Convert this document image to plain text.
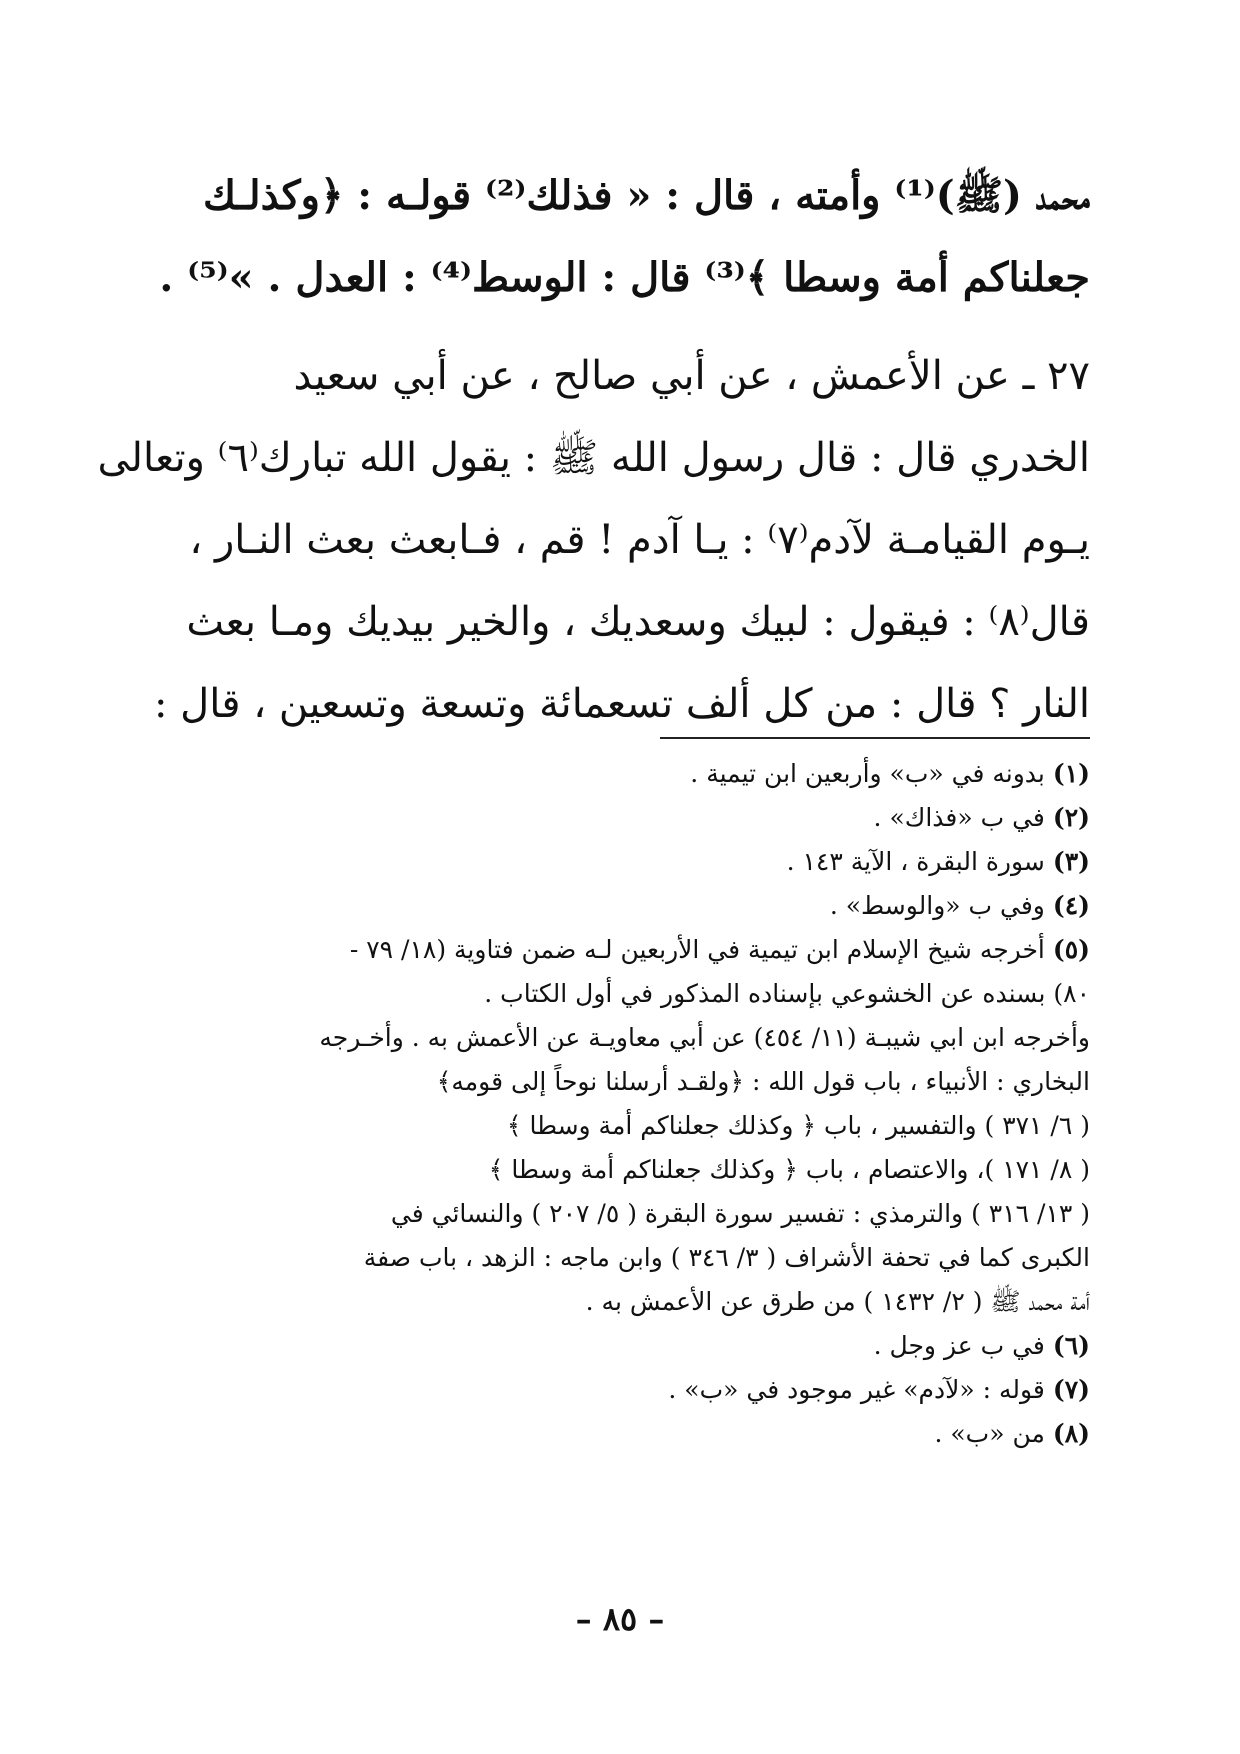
محمد (ﷺ)⁽¹⁾ وأمته ، قال : « فذلك⁽²⁾ قولـه : ﴿وكذلـك
جعلناكم أمة وسطا ﴾⁽³⁾ قال : الوسط⁽⁴⁾ : العدل . »⁽⁵⁾ .
٢٧ ـ عن الأعمش ، عن أبي صالح ، عن أبي سعيد
الخدري قال : قال رسول الله ﷺ : يقول الله تبارك⁽٦⁾ وتعالى
يـوم القيامـة لآدم⁽٧⁾ : يـا آدم ! قم ، فـابعث بعث النـار ،
قال⁽٨⁾ : فيقول : لبيك وسعديك ، والخير بيديك ومـا بعث
النار ؟ قال : من كل ألف تسعمائة وتسعة وتسعين ، قال :
(١)بدونه في «ب» وأربعين ابن تيمية .
(٢)في ب «فذاك» .
(٣)سورة البقرة ، الآية ١٤٣ .
(٤)وفي ب «والوسط» .
(٥)أخرجه شيخ الإسلام ابن تيمية في الأربعين لـه ضمن فتاوية (١٨/ ٧٩ -
٨٠) بسنده عن الخشوعي بإسناده المذكور في أول الكتاب .
وأخرجه ابن ابي شيبـة (١١/ ٤٥٤) عن أبي معاويـة عن الأعمش به . وأخـرجه
البخاري : الأنبياء ، باب قول الله : ﴿ولقـد أرسلنا نوحاً إلى قومه﴾
( ٦/ ٣٧١ ) والتفسير ، باب ﴿ وكذلك جعلناكم أمة وسطا ﴾
( ٨/ ١٧١ )، والاعتصام ، باب ﴿ وكذلك جعلناكم أمة وسطا ﴾
( ١٣/ ٣١٦ ) والترمذي : تفسير سورة البقرة ( ٥/ ٢٠٧ ) والنسائي في
الكبرى كما في تحفة الأشراف ( ٣/ ٣٤٦ ) وابن ماجه : الزهد ، باب صفة
أمة محمد ﷺ ( ٢/ ١٤٣٢ ) من طرق عن الأعمش به .
(٦)في ب عز وجل .
(٧)قوله : «لآدم» غير موجود في «ب» .
(٨)من «ب» .
– ٨٥ –
